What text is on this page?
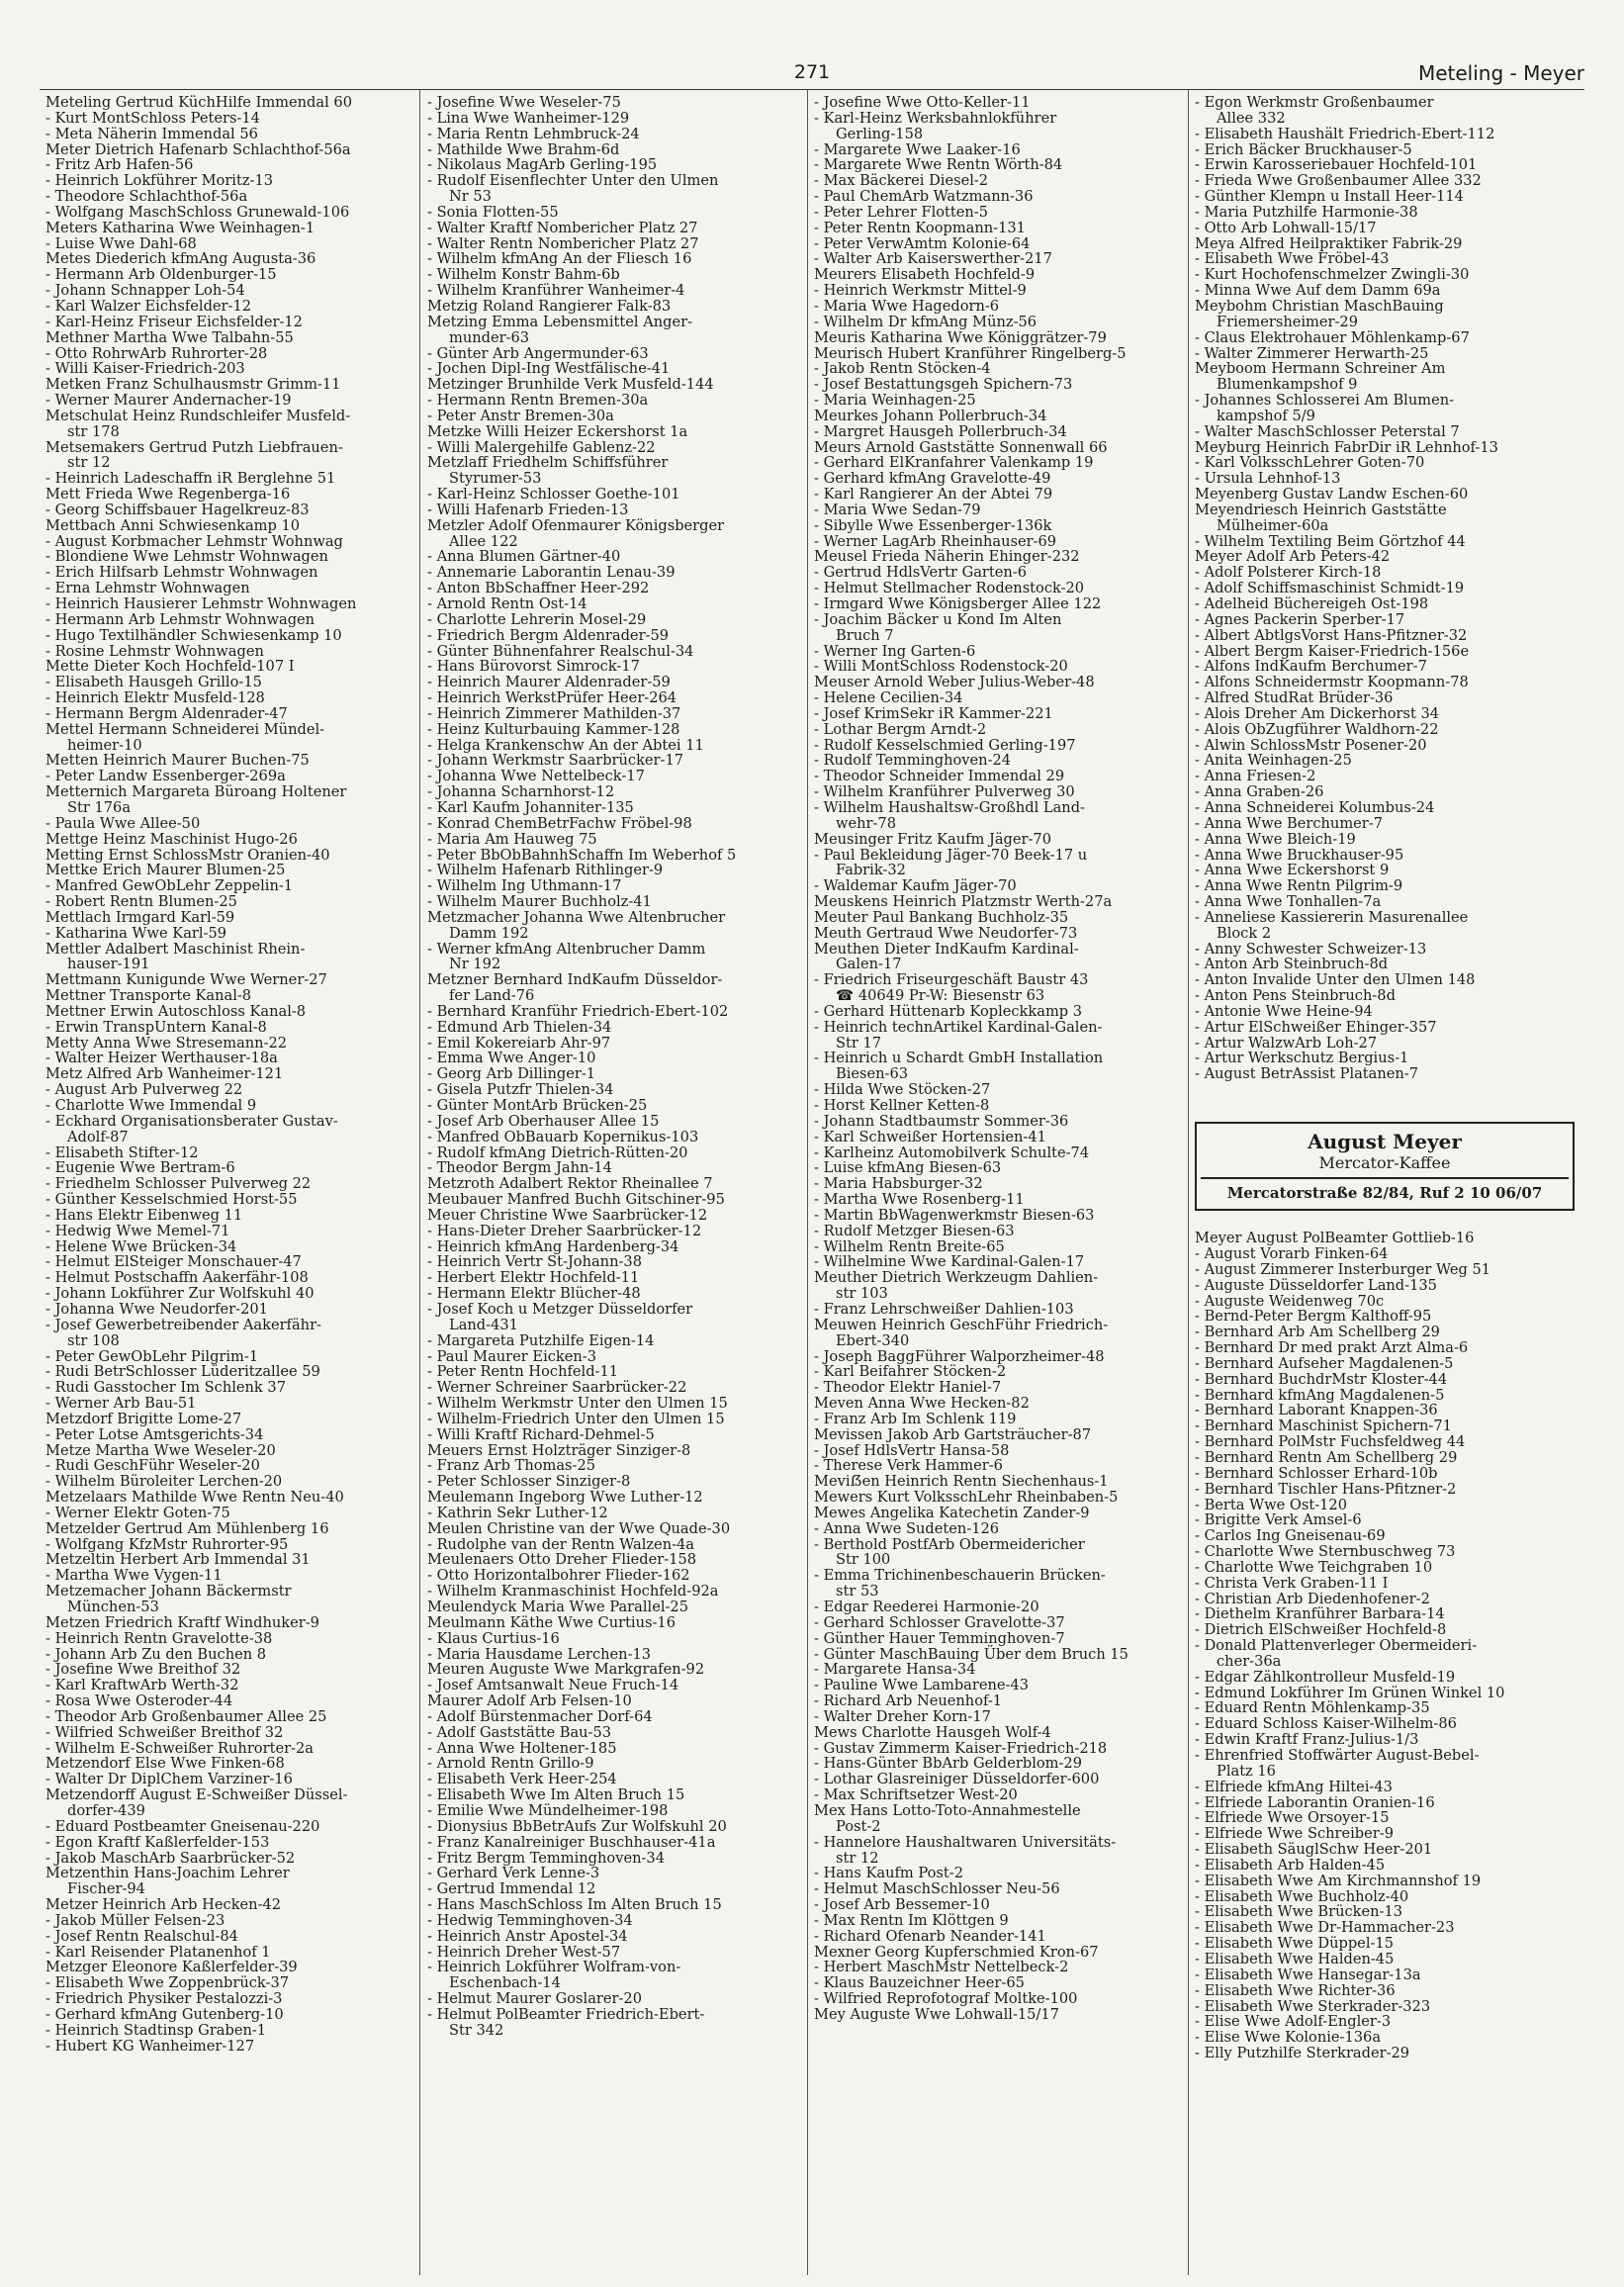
271	Meteling - Meyer
Meteling Gertrud KüchHilfe Immendal 60
- Kurt MontSchloss Peters-14
- Meta Näherin Immendal 56
Meter Dietrich Hafenarb Schlachthof-56a
- Fritz Arb Hafen-56
- Heinrich Lokführer Moritz-13
- Theodore Schlachthof-56a
- Wolfgang MaschSchloss Grunewald-106
Meters Katharina Wwe Weinhagen-1
- Luise Wwe Dahl-68
Metes Diederich kfmAng Augusta-36
- Hermann Arb Oldenburger-15
- Johann Schnapper Loh-54
- Karl Walzer Eichsfelder-12
- Karl-Heinz Friseur Eichsfelder-12
Methner Martha Wwe Talbahn-55
- Otto RohrwArb Ruhrorter-28
- Willi Kaiser-Friedrich-203
Metken Franz Schulhausmstr Grimm-11
- Werner Maurer Andernacher-19
Metschulat Heinz Rundschleifer Musfeld-
str 178
Metsemakers Gertrud Putzh Liebfrauen-
str 12
- Heinrich Ladeschaffn iR Berglehne 51
Mett Frieda Wwe Regenberga-16
- Georg Schiffsbauer Hagelkreuz-83
Mettbach Anni Schwiesenkamp 10
- August Korbmacher Lehmstr Wohnwag
- Blondiene Wwe Lehmstr Wohnwagen
- Erich Hilfsarb Lehmstr Wohnwagen
- Erna Lehmstr Wohnwagen
- Heinrich Hausierer Lehmstr Wohnwagen
- Hermann Arb Lehmstr Wohnwagen
- Hugo Textilhändler Schwiesenkamp 10
- Rosine Lehmstr Wohnwagen
Mette Dieter Koch Hochfeld-107 I
- Elisabeth Hausgeh Grillo-15
- Heinrich Elektr Musfeld-128
- Hermann Bergm Aldenrader-47
Mettel Hermann Schneiderei Mündel-
heimer-10
Metten Heinrich Maurer Buchen-75
- Peter Landw Essenberger-269a
Metternich Margareta Büroang Holtener
Str 176a
- Paula Wwe Allee-50
Mettge Heinz Maschinist Hugo-26
Metting Ernst SchlossMstr Oranien-40
Mettke Erich Maurer Blumen-25
- Manfred GewObLehr Zeppelin-1
- Robert Rentn Blumen-25
Mettlach Irmgard Karl-59
- Katharina Wwe Karl-59
Mettler Adalbert Maschinist Rhein-
hauser-191
Mettmann Kunigunde Wwe Werner-27
Mettner Transporte Kanal-8
Mettner Erwin Autoschloss Kanal-8
- Erwin TranspUntern Kanal-8
Metty Anna Wwe Stresemann-22
- Walter Heizer Werthauser-18a
Metz Alfred Arb Wanheimer-121
- August Arb Pulverweg 22
- Charlotte Wwe Immendal 9
- Eckhard Organisationsberater Gustav-
Adolf-87
- Elisabeth Stifter-12
- Eugenie Wwe Bertram-6
- Friedhelm Schlosser Pulverweg 22
- Günther Kesselschmied Horst-55
- Hans Elektr Eibenweg 11
- Hedwig Wwe Memel-71
- Helene Wwe Brücken-34
- Helmut ElSteiger Monschauer-47
- Helmut Postschaffn Aakerfähr-108
- Johann Lokführer Zur Wolfskuhl 40
- Johanna Wwe Neudorfer-201
- Josef Gewerbetreibender Aakerfähr-
str 108
- Peter GewObLehr Pilgrim-1
- Rudi BetrSchlosser Lüderitzallee 59
- Rudi Gasstocher Im Schlenk 37
- Werner Arb Bau-51
Metzdorf Brigitte Lome-27
- Peter Lotse Amtsgerichts-34
Metze Martha Wwe Weseler-20
- Rudi GeschFühr Weseler-20
- Wilhelm Büroleiter Lerchen-20
Metzelaars Mathilde Wwe Rentn Neu-40
- Werner Elektr Goten-75
Metzelder Gertrud Am Mühlenberg 16
- Wolfgang KfzMstr Ruhrorter-95
Metzeltin Herbert Arb Immendal 31
- Martha Wwe Vygen-11
Metzemacher Johann Bäckermstr
München-53
Metzen Friedrich Kraftf Windhuker-9
- Heinrich Rentn Gravelotte-38
- Johann Arb Zu den Buchen 8
- Josefine Wwe Breithof 32
- Karl KraftwArb Werth-32
- Rosa Wwe Osteroder-44
- Theodor Arb Großenbaumer Allee 25
- Wilfried Schweißer Breithof 32
- Wilhelm E-Schweißer Ruhrorter-2a
Metzendorf Else Wwe Finken-68
- Walter Dr DiplChem Varziner-16
Metzendorff August E-Schweißer Düssel-
dorfer-439
- Eduard Postbeamter Gneisenau-220
- Egon Kraftf Kaßlerfelder-153
- Jakob MaschArb Saarbrücker-52
Metzenthin Hans-Joachim Lehrer
Fischer-94
Metzer Heinrich Arb Hecken-42
- Jakob Müller Felsen-23
- Josef Rentn Realschul-84
- Karl Reisender Platanenhof 1
Metzger Eleonore Kaßlerfelder-39
- Elisabeth Wwe Zoppenbrück-37
- Friedrich Physiker Pestalozzi-3
- Gerhard kfmAng Gutenberg-10
- Heinrich Stadtinsp Graben-1
- Hubert KG Wanheimer-127
- Josefine Wwe Weseler-75
- Lina Wwe Wanheimer-129
- Maria Rentn Lehmbruck-24
- Mathilde Wwe Brahm-6d
- Nikolaus MagArb Gerling-195
- Rudolf Eisenflechter Unter den Ulmen
Nr 53
- Sonia Flotten-55
- Walter Kraftf Nombericher Platz 27
- Walter Rentn Nombericher Platz 27
- Wilhelm kfmAng An der Fliesch 16
- Wilhelm Konstr Bahm-6b
- Wilhelm Kranführer Wanheimer-4
Metzig Roland Rangierer Falk-83
Metzing Emma Lebensmittel Anger-
munder-63
- Günter Arb Angermunder-63
- Jochen Dipl-Ing Westfälische-41
Metzinger Brunhilde Verk Musfeld-144
- Hermann Rentn Bremen-30a
- Peter Anstr Bremen-30a
Metzke Willi Heizer Eckershorst 1a
- Willi Malergehilfe Gablenz-22
Metzlaff Friedhelm Schiffsführer
Styrumer-53
- Karl-Heinz Schlosser Goethe-101
- Willi Hafenarb Frieden-13
Metzler Adolf Ofenmaurer Königsberger
Allee 122
- Anna Blumen Gärtner-40
- Annemarie Laborantin Lenau-39
- Anton BbSchaffner Heer-292
- Arnold Rentn Ost-14
- Charlotte Lehrerin Mosel-29
- Friedrich Bergm Aldenrader-59
- Günter Bühnenfahrer Realschul-34
- Hans Bürovorst Simrock-17
- Heinrich Maurer Aldenrader-59
- Heinrich WerkstPrüfer Heer-264
- Heinrich Zimmerer Mathilden-37
- Heinz Kulturbauing Kammer-128
- Helga Krankenschw An der Abtei 11
- Johann Werkmstr Saarbrücker-17
- Johanna Wwe Nettelbeck-17
- Johanna Scharnhorst-12
- Karl Kaufm Johanniter-135
- Konrad ChemBetrFachw Fröbel-98
- Maria Am Hauweg 75
- Peter BbObBahnhSchaffn Im Weberhof 5
- Wilhelm Hafenarb Rithlinger-9
- Wilhelm Ing Uthmann-17
- Wilhelm Maurer Buchholz-41
Metzmacher Johanna Wwe Altenbrucher
Damm 192
- Werner kfmAng Altenbrucher Damm
Nr 192
Metzner Bernhard IndKaufm Düsseldor-
fer Land-76
- Bernhard Kranführ Friedrich-Ebert-102
- Edmund Arb Thielen-34
- Emil Kokereiarb Ahr-97
- Emma Wwe Anger-10
- Georg Arb Dillinger-1
- Gisela Putzfr Thielen-34
- Günter MontArb Brücken-25
- Josef Arb Oberhauser Allee 15
- Manfred ObBauarb Kopernikus-103
- Rudolf kfmAng Dietrich-Rütten-20
- Theodor Bergm Jahn-14
Metzroth Adalbert Rektor Rheinallee 7
Meubauer Manfred Buchh Gitschiner-95
Meuer Christine Wwe Saarbrücker-12
- Hans-Dieter Dreher Saarbrücker-12
- Heinrich kfmAng Hardenberg-34
- Heinrich Vertr St-Johann-38
- Herbert Elektr Hochfeld-11
- Hermann Elektr Blücher-48
- Josef Koch u Metzger Düsseldorfer
Land-431
- Margareta Putzhilfe Eigen-14
- Paul Maurer Eicken-3
- Peter Rentn Hochfeld-11
- Werner Schreiner Saarbrücker-22
- Wilhelm Werkmstr Unter den Ulmen 15
- Wilhelm-Friedrich Unter den Ulmen 15
- Willi Kraftf Richard-Dehmel-5
Meuers Ernst Holzträger Sinziger-8
- Franz Arb Thomas-25
- Peter Schlosser Sinziger-8
Meulemann Ingeborg Wwe Luther-12
- Kathrin Sekr Luther-12
Meulen Christine van der Wwe Quade-30
- Rudolphe van der Rentn Walzen-4a
Meulenaers Otto Dreher Flieder-158
- Otto Horizontalbohrer Flieder-162
- Wilhelm Kranmaschinist Hochfeld-92a
Meulendyck Maria Wwe Parallel-25
Meulmann Käthe Wwe Curtius-16
- Klaus Curtius-16
- Maria Hausdame Lerchen-13
Meuren Auguste Wwe Markgrafen-92
- Josef Amtsanwalt Neue Fruch-14
Maurer Adolf Arb Felsen-10
- Adolf Bürstenmacher Dorf-64
- Adolf Gaststätte Bau-53
- Anna Wwe Holtener-185
- Arnold Rentn Grillo-9
- Elisabeth Verk Heer-254
- Elisabeth Wwe Im Alten Bruch 15
- Emilie Wwe Mündelheimer-198
- Dionysius BbBetrAufs Zur Wolfskuhl 20
- Franz Kanalreiniger Buschhauser-41a
- Fritz Bergm Temminghoven-34
- Gerhard Verk Lenne-3
- Gertrud Immendal 12
- Hans MaschSchloss Im Alten Bruch 15
- Hedwig Temminghoven-34
- Heinrich Anstr Apostel-34
- Heinrich Dreher West-57
- Heinrich Lokführer Wolfram-von-
Eschenbach-14
- Helmut Maurer Goslarer-20
- Helmut PolBeamter Friedrich-Ebert-
Str 342
- Josefine Wwe Otto-Keller-11
- Karl-Heinz Werksbahnlokführer
Gerling-158
- Margarete Wwe Laaker-16
- Margarete Wwe Rentn Wörth-84
- Max Bäckerei Diesel-2
- Paul ChemArb Watzmann-36
- Peter Lehrer Flotten-5
- Peter Rentn Koopmann-131
- Peter VerwAmtm Kolonie-64
- Walter Arb Kaiserswerther-217
Meurers Elisabeth Hochfeld-9
- Heinrich Werkmstr Mittel-9
- Maria Wwe Hagedorn-6
- Wilhelm Dr kfmAng Münz-56
Meuris Katharina Wwe Königgrätzer-79
Meurisch Hubert Kranführer Ringelberg-5
- Jakob Rentn Stöcken-4
- Josef Bestattungsgeh Spichern-73
- Maria Weinhagen-25
Meurkes Johann Pollerbruch-34
- Margret Hausgeh Pollerbruch-34
Meurs Arnold Gaststätte Sonnenwall 66
- Gerhard ElKranfahrer Valenkamp 19
- Gerhard kfmAng Gravelotte-49
- Karl Rangierer An der Abtei 79
- Maria Wwe Sedan-79
- Sibylle Wwe Essenberger-136k
- Werner LagArb Rheinhauser-69
Meusel Frieda Näherin Ehinger-232
- Gertrud HdlsVertr Garten-6
- Helmut Stellmacher Rodenstock-20
- Irmgard Wwe Königsberger Allee 122
- Joachim Bäcker u Kond Im Alten
Bruch 7
- Werner Ing Garten-6
- Willi MontSchloss Rodenstock-20
Meuser Arnold Weber Julius-Weber-48
- Helene Cecilien-34
- Josef KrimSekr iR Kammer-221
- Lothar Bergm Arndt-2
- Rudolf Kesselschmied Gerling-197
- Rudolf Temminghoven-24
- Theodor Schneider Immendal 29
- Wilhelm Kranführer Pulverweg 30
- Wilhelm Haushaltsw-Großhdl Land-
wehr-78
Meusinger Fritz Kaufm Jäger-70
- Paul Bekleidung Jäger-70 Beek-17 u
Fabrik-32
- Waldemar Kaufm Jäger-70
Meuskens Heinrich Platzmstr Werth-27a
Meuter Paul Bankang Buchholz-35
Meuth Gertraud Wwe Neudorfer-73
Meuthen Dieter IndKaufm Kardinal-
Galen-17
- Friedrich Friseurgeschäft Baustr 43
☎ 40649 Pr-W: Biesenstr 63
- Gerhard Hüttenarb Kopleckkamp 3
- Heinrich technArtikel Kardinal-Galen-
Str 17
- Heinrich u Schardt GmbH Installation
Biesen-63
- Hilda Wwe Stöcken-27
- Horst Kellner Ketten-8
- Johann Stadtbaumstr Sommer-36
- Karl Schweißer Hortensien-41
- Karlheinz Automobilverk Schulte-74
- Luise kfmAng Biesen-63
- Maria Habsburger-32
- Martha Wwe Rosenberg-11
- Martin BbWagenwerkmstr Biesen-63
- Rudolf Metzger Biesen-63
- Wilhelm Rentn Breite-65
- Wilhelmine Wwe Kardinal-Galen-17
Meuther Dietrich Werkzeugm Dahlien-
str 103
- Franz Lehrschweißer Dahlien-103
Meuwen Heinrich GeschFühr Friedrich-
Ebert-340
- Joseph BaggFührer Walporzheimer-48
- Karl Beifahrer Stöcken-2
- Theodor Elektr Haniel-7
Meven Anna Wwe Hecken-82
- Franz Arb Im Schlenk 119
Mevissen Jakob Arb Gartsträucher-87
- Josef HdlsVertr Hansa-58
- Therese Verk Hammer-6
Meviẞen Heinrich Rentn Siechenhaus-1
Mewers Kurt VolksschLehr Rheinbaben-5
Mewes Angelika Katechetin Zander-9
- Anna Wwe Sudeten-126
- Berthold PostfArb Obermeidericher
Str 100
- Emma Trichinenbeschauerin Brücken-
str 53
- Edgar Reederei Harmonie-20
- Gerhard Schlosser Gravelotte-37
- Günther Hauer Temminghoven-7
- Günter MaschBauing Über dem Bruch 15
- Margarete Hansa-34
- Pauline Wwe Lambarene-43
- Richard Arb Neuenhof-1
- Walter Dreher Korn-17
Mews Charlotte Hausgeh Wolf-4
- Gustav Zimmerm Kaiser-Friedrich-218
- Hans-Günter BbArb Gelderblom-29
- Lothar Glasreiniger Düsseldorfer-600
- Max Schriftsetzer West-20
Mex Hans Lotto-Toto-Annahmestelle
Post-2
- Hannelore Haushaltwaren Universitäts-
str 12
- Hans Kaufm Post-2
- Helmut MaschSchlosser Neu-56
- Josef Arb Bessemer-10
- Max Rentn Im Klöttgen 9
- Richard Ofenarb Neander-141
Mexner Georg Kupferschmied Kron-67
- Herbert MaschMstr Nettelbeck-2
- Klaus Bauzeichner Heer-65
- Wilfried Reprofotograf Moltke-100
Mey Auguste Wwe Lohwall-15/17
- Egon Werkmstr Großenbaumer
Allee 332
- Elisabeth Haushält Friedrich-Ebert-112
- Erich Bäcker Bruckhauser-5
- Erwin Karosseriebauer Hochfeld-101
- Frieda Wwe Großenbaumer Allee 332
- Günther Klempn u Install Heer-114
- Maria Putzhilfe Harmonie-38
- Otto Arb Lohwall-15/17
Meya Alfred Heilpraktiker Fabrik-29
- Elisabeth Wwe Fröbel-43
- Kurt Hochofenschmelzer Zwingli-30
- Minna Wwe Auf dem Damm 69a
Meybohm Christian MaschBauing
Friemersheimer-29
- Claus Elektrohauer Möhlenkamp-67
- Walter Zimmerer Herwarth-25
Meyboom Hermann Schreiner Am
Blumenkampshof 9
- Johannes Schlosserei Am Blumen-
kampshof 5/9
- Walter MaschSchlosser Peterstal 7
Meyburg Heinrich FabrDir iR Lehnhof-13
- Karl VolksschLehrer Goten-70
- Ursula Lehnhof-13
Meyenberg Gustav Landw Eschen-60
Meyendriesch Heinrich Gaststätte
Mülheimer-60a
- Wilhelm Textiling Beim Görtzhof 44
Meyer Adolf Arb Peters-42
- Adolf Polsterer Kirch-18
- Adolf Schiffsmaschinist Schmidt-19
- Adelheid Büchereigeh Ost-198
- Agnes Packerin Sperber-17
- Albert AbtlgsVorst Hans-Pfitzner-32
- Albert Bergm Kaiser-Friedrich-156e
- Alfons IndKaufm Berchumer-7
- Alfons Schneidermstr Koopmann-78
- Alfred StudRat Brüder-36
- Alois Dreher Am Dickerhorst 34
- Alois ObZugführer Waldhorn-22
- Alwin SchlossMstr Posener-20
- Anita Weinhagen-25
- Anna Friesen-2
- Anna Graben-26
- Anna Schneiderei Kolumbus-24
- Anna Wwe Berchumer-7
- Anna Wwe Bleich-19
- Anna Wwe Bruckhauser-95
- Anna Wwe Eckershorst 9
- Anna Wwe Rentn Pilgrim-9
- Anna Wwe Tonhallen-7a
- Anneliese Kassiererin Masurenallee
Block 2
- Anny Schwester Schweizer-13
- Anton Arb Steinbruch-8d
- Anton Invalide Unter den Ulmen 148
- Anton Pens Steinbruch-8d
- Antonie Wwe Heine-94
- Artur ElSchweißer Ehinger-357
- Artur WalzwArb Loh-27
- Artur Werkschutz Bergius-1
- August BetrAssist Platanen-7
August Meyer
Mercator-Kaffee
Mercatorstraße 82/84, Ruf 2 10 06/07
Meyer August PolBeamter Gottlieb-16
- August Vorarb Finken-64
- August Zimmerer Insterburger Weg 51
- Auguste Düsseldorfer Land-135
- Auguste Weidenweg 70c
- Bernd-Peter Bergm Kalthoff-95
- Bernhard Arb Am Schellberg 29
- Bernhard Dr med prakt Arzt Alma-6
- Bernhard Aufseher Magdalenen-5
- Bernhard BuchdrMstr Kloster-44
- Bernhard kfmAng Magdalenen-5
- Bernhard Laborant Knappen-36
- Bernhard Maschinist Spichern-71
- Bernhard PolMstr Fuchsfeldweg 44
- Bernhard Rentn Am Schellberg 29
- Bernhard Schlosser Erhard-10b
- Bernhard Tischler Hans-Pfitzner-2
- Berta Wwe Ost-120
- Brigitte Verk Amsel-6
- Carlos Ing Gneisenau-69
- Charlotte Wwe Sternbuschweg 73
- Charlotte Wwe Teichgraben 10
- Christa Verk Graben-11 I
- Christian Arb Diedenhofener-2
- Diethelm Kranführer Barbara-14
- Dietrich ElSchweißer Hochfeld-8
- Donald Plattenverleger Obermeideri-
cher-36a
- Edgar Zählkontrolleur Musfeld-19
- Edmund Lokführer Im Grünen Winkel 10
- Eduard Rentn Möhlenkamp-35
- Eduard Schloss Kaiser-Wilhelm-86
- Edwin Kraftf Franz-Julius-1/3
- Ehrenfried Stoffwärter August-Bebel-
Platz 16
- Elfriede kfmAng Hiltei-43
- Elfriede Laborantin Oranien-16
- Elfriede Wwe Orsoyer-15
- Elfriede Wwe Schreiber-9
- Elisabeth SäuglSchw Heer-201
- Elisabeth Arb Halden-45
- Elisabeth Wwe Am Kirchmannshof 19
- Elisabeth Wwe Buchholz-40
- Elisabeth Wwe Brücken-13
- Elisabeth Wwe Dr-Hammacher-23
- Elisabeth Wwe Düppel-15
- Elisabeth Wwe Halden-45
- Elisabeth Wwe Hansegar-13a
- Elisabeth Wwe Richter-36
- Elisabeth Wwe Sterkrader-323
- Elise Wwe Adolf-Engler-3
- Elise Wwe Kolonie-136a
- Elly Putzhilfe Sterkrader-29
